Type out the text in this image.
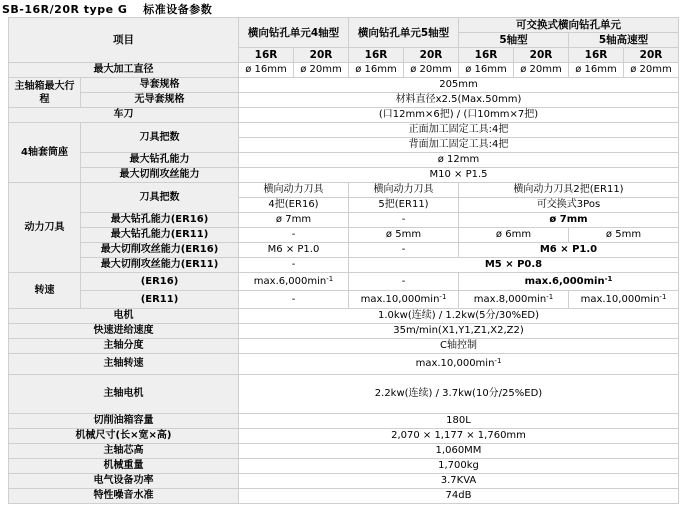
SB-16R/20R type G　 标准设备参数
项目		横向钻孔单元4轴型		横向钻孔单元5轴型		可交换式横向钻孔单元			
						5轴型		5轴高速型	
		16R	20R	16R	20R	16R	20R	16R	20R
最大加工直径		ø 16mm	ø 20mm	ø 16mm	ø 20mm	ø 16mm	ø 20mm	ø 16mm	ø 20mm
主轴箱最大行程	导套规格	205mm							
	无导套规格	材料直径x2.5(Max.50mm)							
车刀		(口12mm×6把) / (口10mm×7把)							
4轴套筒座	刀具把数	正面加工固定工具:4把							
		背面加工固定工具:4把							
	最大钻孔能力	ø 12mm							
	最大切削攻丝能力	M10 × P1.5							
动力刀具	刀具把数	横向动力刀具		横向动力刀具		横向动力刀具2把(ER11)			
		4把(ER16)		5把(ER11)		可交换式3Pos			
	最大钻孔能力(ER16)	ø 7mm		-		ø 7mm			
	最大钻孔能力(ER11)	-		ø 5mm		ø 6mm		ø 5mm	
	最大切削攻丝能力(ER16)	M6 × P1.0		-		M6 × P1.0			
	最大切削攻丝能力(ER11)	-		M5 × P0.8					
转速	(ER16)	$\max.6,000\min^{-1}$		-		$\max.6,000\min^{-1}$
	(ER11)	-		$\max.10,000\min^{-1}$		$\max.8,000\min^{-1}$		$\max.10,000\min^{-1}$
电机		1.0kw(连续) / 1.2kw(5分/30%ED)							
快速进给速度		35m/min(X1,Y1,Z1,X2,Z2)							
主轴分度		C轴控制							
主轴转速		$\max.10,000\min^{-1}$
主轴电机		2.2kw(连续) / 3.7kw(10分/25%ED)							
切削油箱容量		180L							
机械尺寸(长×宽×高)		2,070 × 1,177 × 1,760mm							
主轴芯高		1,060MM							
机械重量		1,700kg							
电气设备功率		3.7KVA							
特性噪音水准		74dB							
